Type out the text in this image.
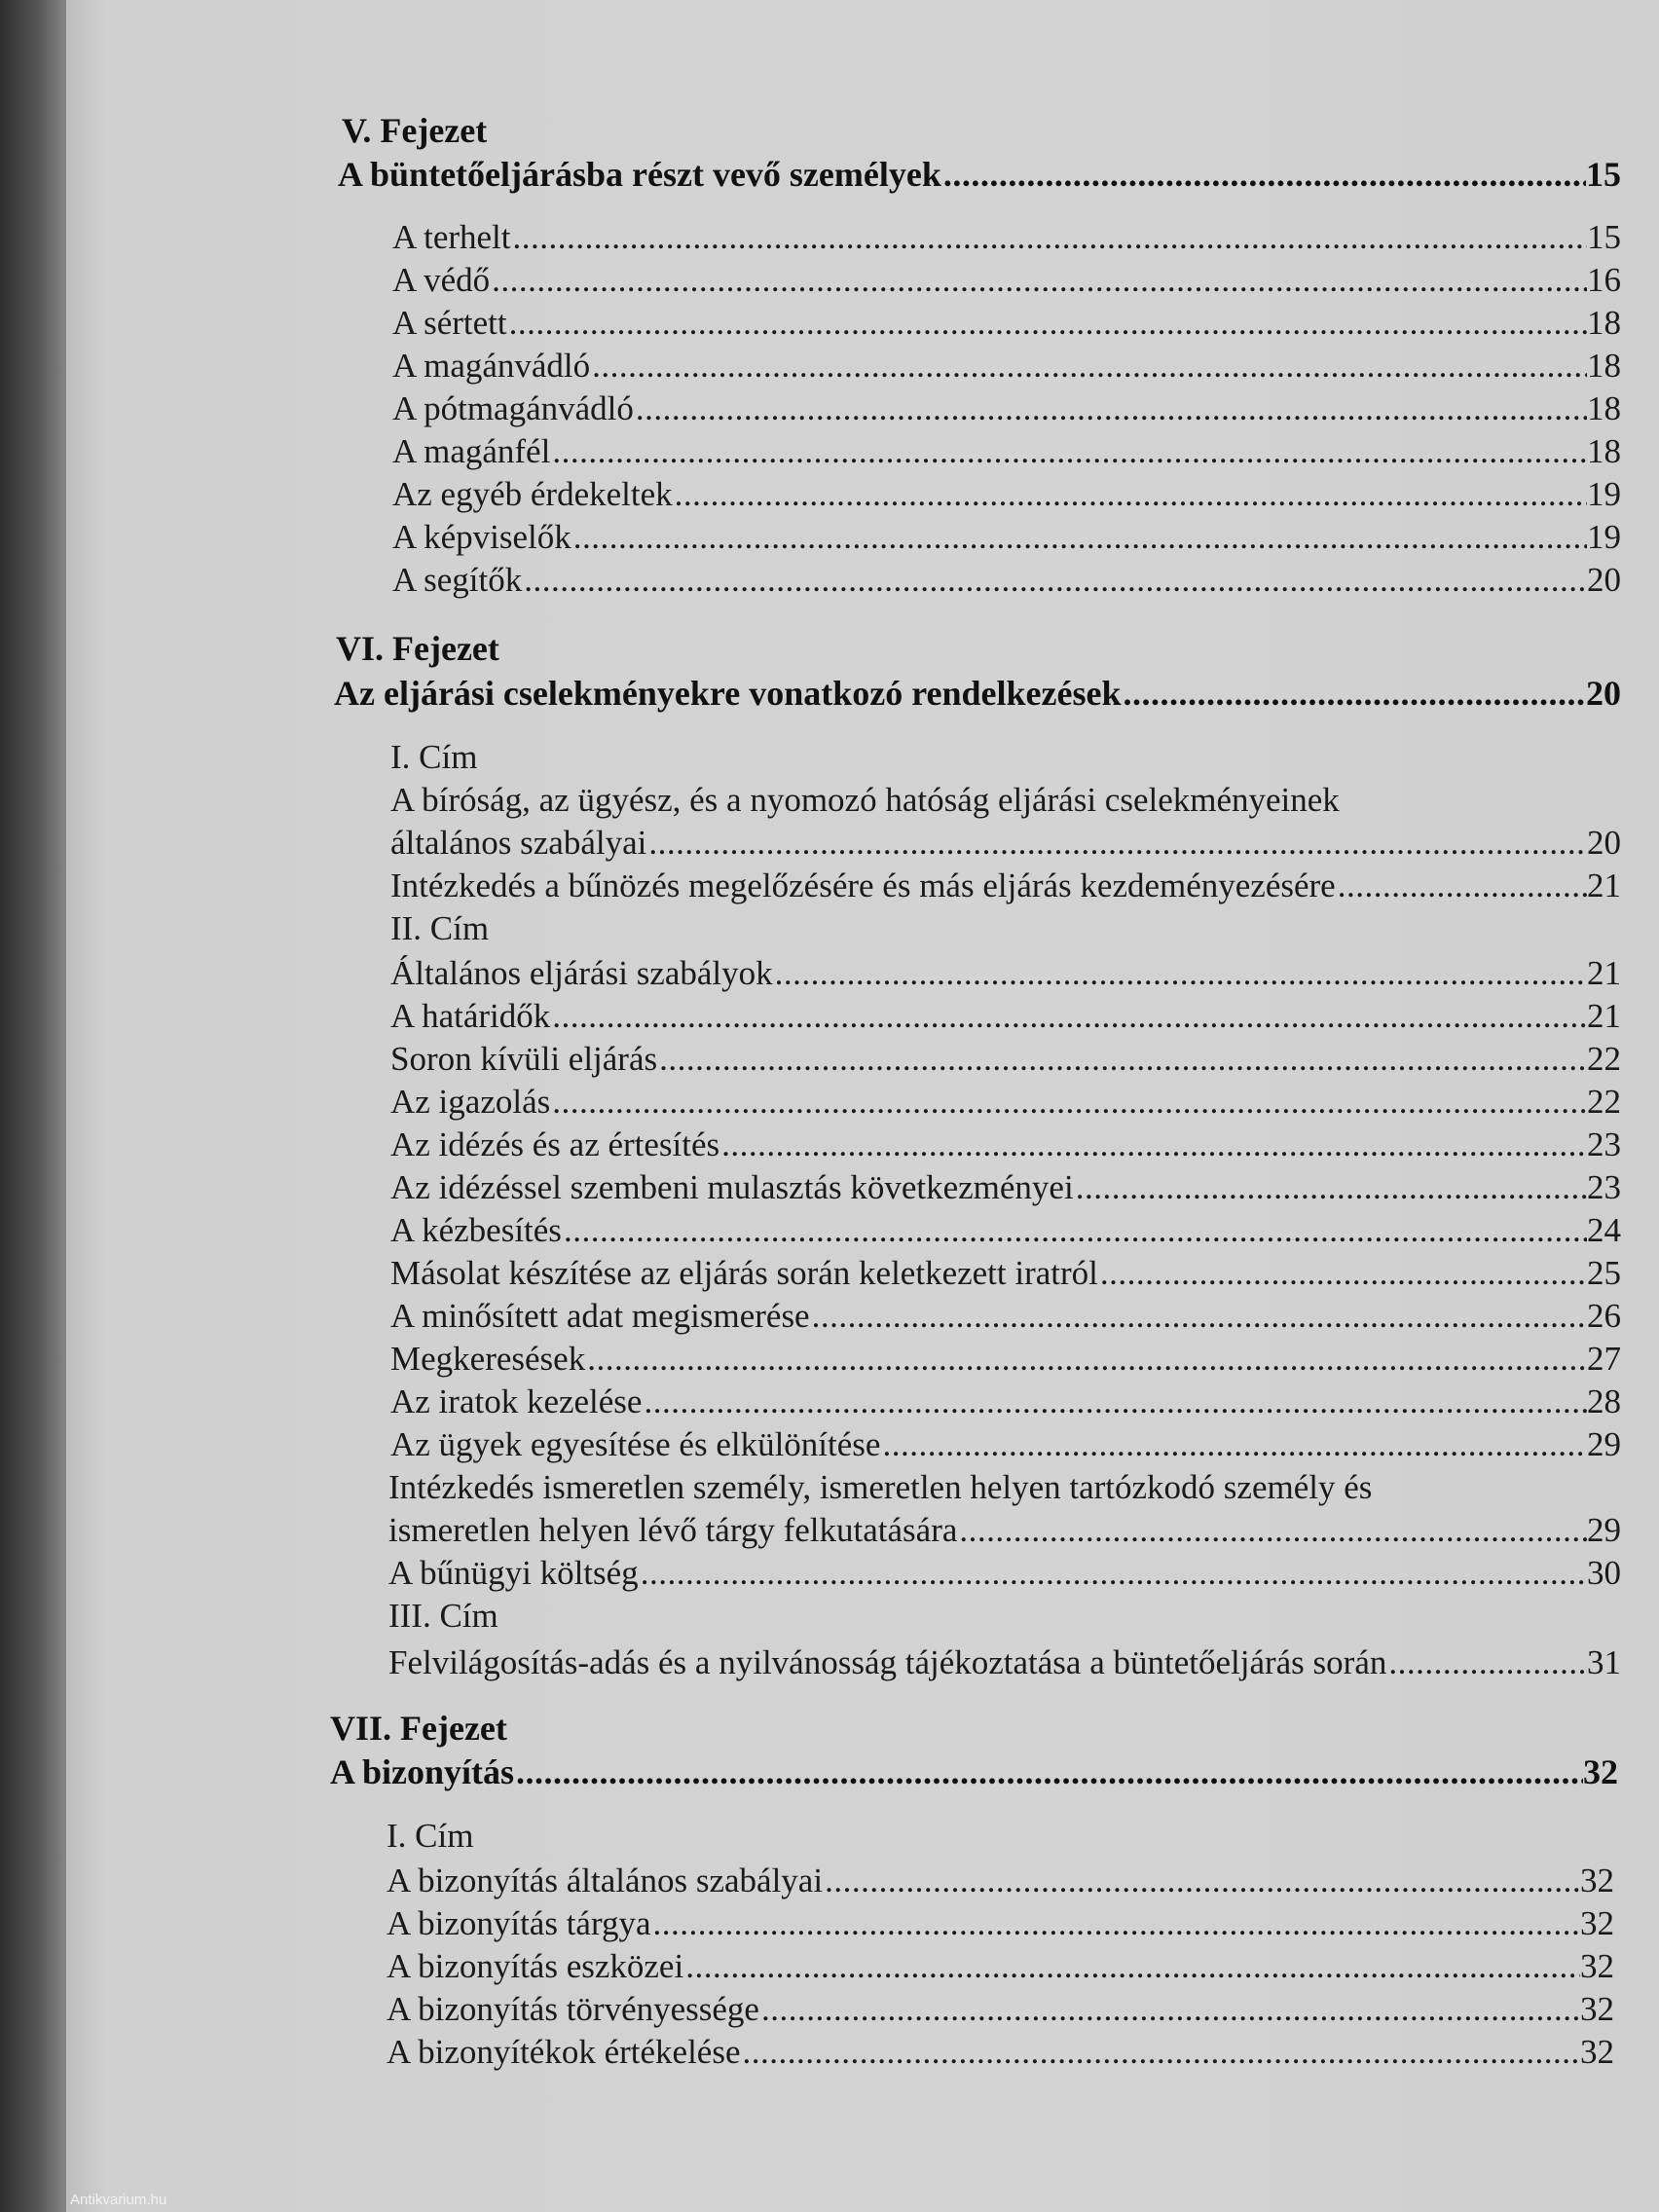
Antikvarium.hu
V. Fejezet
A büntetőeljárásba részt vevő személyek .....	15
A terhelt .....	15
A védő .....	16
A sértett .....	18
A magánvádló .....	18
A pótmagánvádló .....	18
A magánfél .....	18
Az egyéb érdekeltek .....	19
A képviselők .....	19
A segítők .....	20
VI. Fejezet
Az eljárási cselekményekre vonatkozó rendelkezések .....	20
I. Cím
A bíróság, az ügyész, és a nyomozó hatóság eljárási cselekményeinek
általános szabályai .....	20
Intézkedés a bűnözés megelőzésére és más eljárás kezdeményezésére .....	21
II. Cím
Általános eljárási szabályok .....	21
A határidők .....	21
Soron kívüli eljárás .....	22
Az igazolás .....	22
Az idézés és az értesítés .....	23
Az idézéssel szembeni mulasztás következményei .....	23
A kézbesítés .....	24
Másolat készítése az eljárás során keletkezett iratról .....	25
A minősített adat megismerése .....	26
Megkeresések .....	27
Az iratok kezelése .....	28
Az ügyek egyesítése és elkülönítése .....	29
Intézkedés ismeretlen személy, ismeretlen helyen tartózkodó személy és
ismeretlen helyen lévő tárgy felkutatására .....	29
A bűnügyi költség .....	30
III. Cím
Felvilágosítás-adás és a nyilvánosság tájékoztatása a büntetőeljárás során .....	31
VII. Fejezet
A bizonyítás .....	32
I. Cím
A bizonyítás általános szabályai .....	32
A bizonyítás tárgya .....	32
A bizonyítás eszközei .....	32
A bizonyítás törvényessége .....	32
A bizonyítékok értékelése .....	32
